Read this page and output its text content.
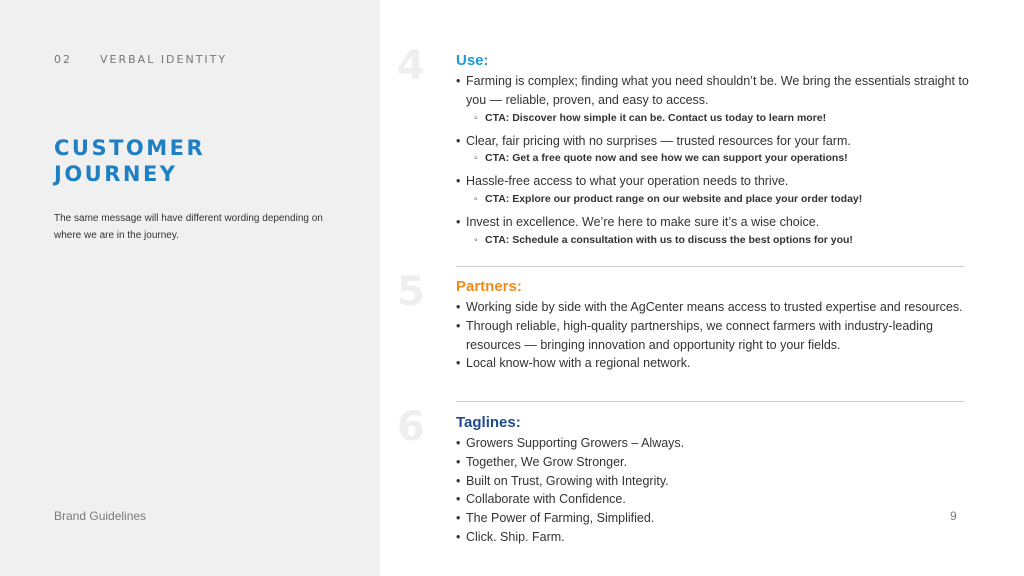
02	VERBAL IDENTITY
CUSTOMER
JOURNEY
The same message will have different wording depending on where we are in the journey.
Brand Guidelines	9
4 Use:
• Farming is complex; finding what you need shouldn’t be. We bring the essentials straight to you — reliable, proven, and easy to access.
◦ CTA: Discover how simple it can be. Contact us today to learn more!
• Clear, fair pricing with no surprises — trusted resources for your farm.
◦ CTA: Get a free quote now and see how we can support your operations!
• Hassle-free access to what your operation needs to thrive.
◦ CTA: Explore our product range on our website and place your order today!
• Invest in excellence. We’re here to make sure it’s a wise choice.
◦ CTA: Schedule a consultation with us to discuss the best options for you!
5 Partners:
• Working side by side with the AgCenter means access to trusted expertise and resources.
• Through reliable, high-quality partnerships, we connect farmers with industry-leading resources — bringing innovation and opportunity right to your fields.
• Local know-how with a regional network.
6 Taglines:
• Growers Supporting Growers – Always.
• Together, We Grow Stronger.
• Built on Trust, Growing with Integrity.
• Collaborate with Confidence.
• The Power of Farming, Simplified.
• Click. Ship. Farm.
